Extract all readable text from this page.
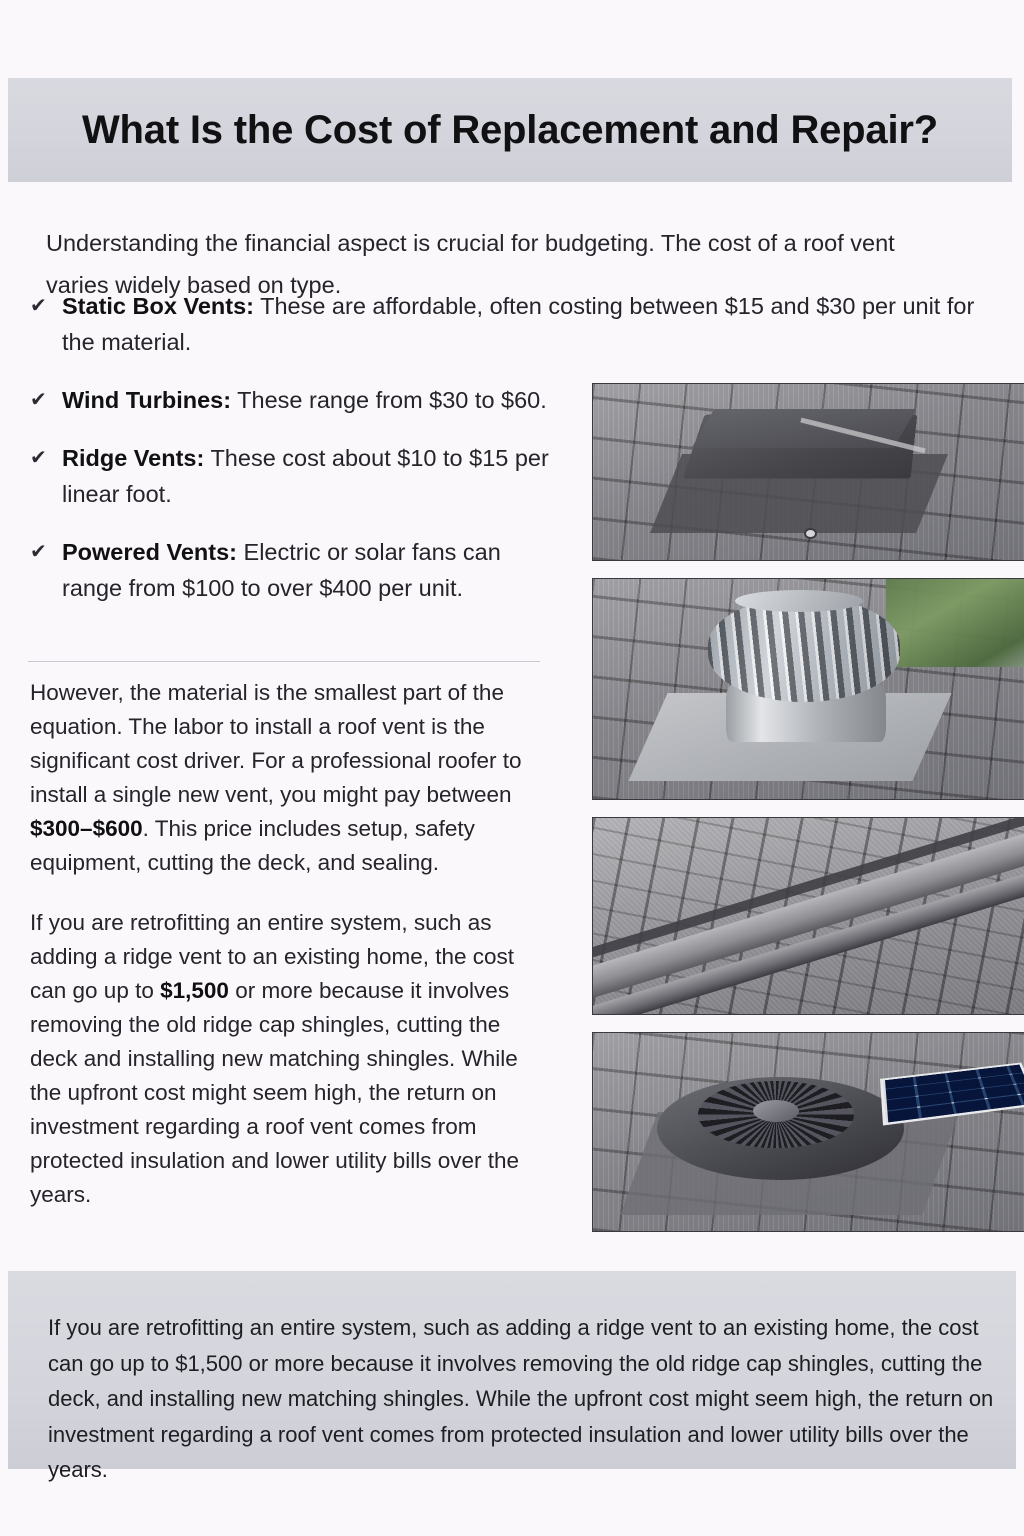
What Is the Cost of Replacement and Repair?

Understanding the financial aspect is crucial for budgeting. The cost of a roof vent varies widely based on type.

✔ Static Box Vents: These are affordable, often costing between $15 and $30 per unit for the material.
✔ Wind Turbines: These range from $30 to $60.
✔ Ridge Vents: These cost about $10 to $15 per linear foot.
✔ Powered Vents: Electric or solar fans can range from $100 to over $400 per unit.

However, the material is the smallest part of the equation. The labor to install a roof vent is the significant cost driver. For a professional roofer to install a single new vent, you might pay between $300–$600. This price includes setup, safety equipment, cutting the deck, and sealing.

If you are retrofitting an entire system, such as adding a ridge vent to an existing home, the cost can go up to $1,500 or more because it involves removing the old ridge cap shingles, cutting the deck and installing new matching shingles. While the upfront cost might seem high, the return on investment regarding a roof vent comes from protected insulation and lower utility bills over the years.

If you are retrofitting an entire system, such as adding a ridge vent to an existing home, the cost can go up to $1,500 or more because it involves removing the old ridge cap shingles, cutting the deck, and installing new matching shingles. While the upfront cost might seem high, the return on investment regarding a roof vent comes from protected insulation and lower utility bills over the years.
